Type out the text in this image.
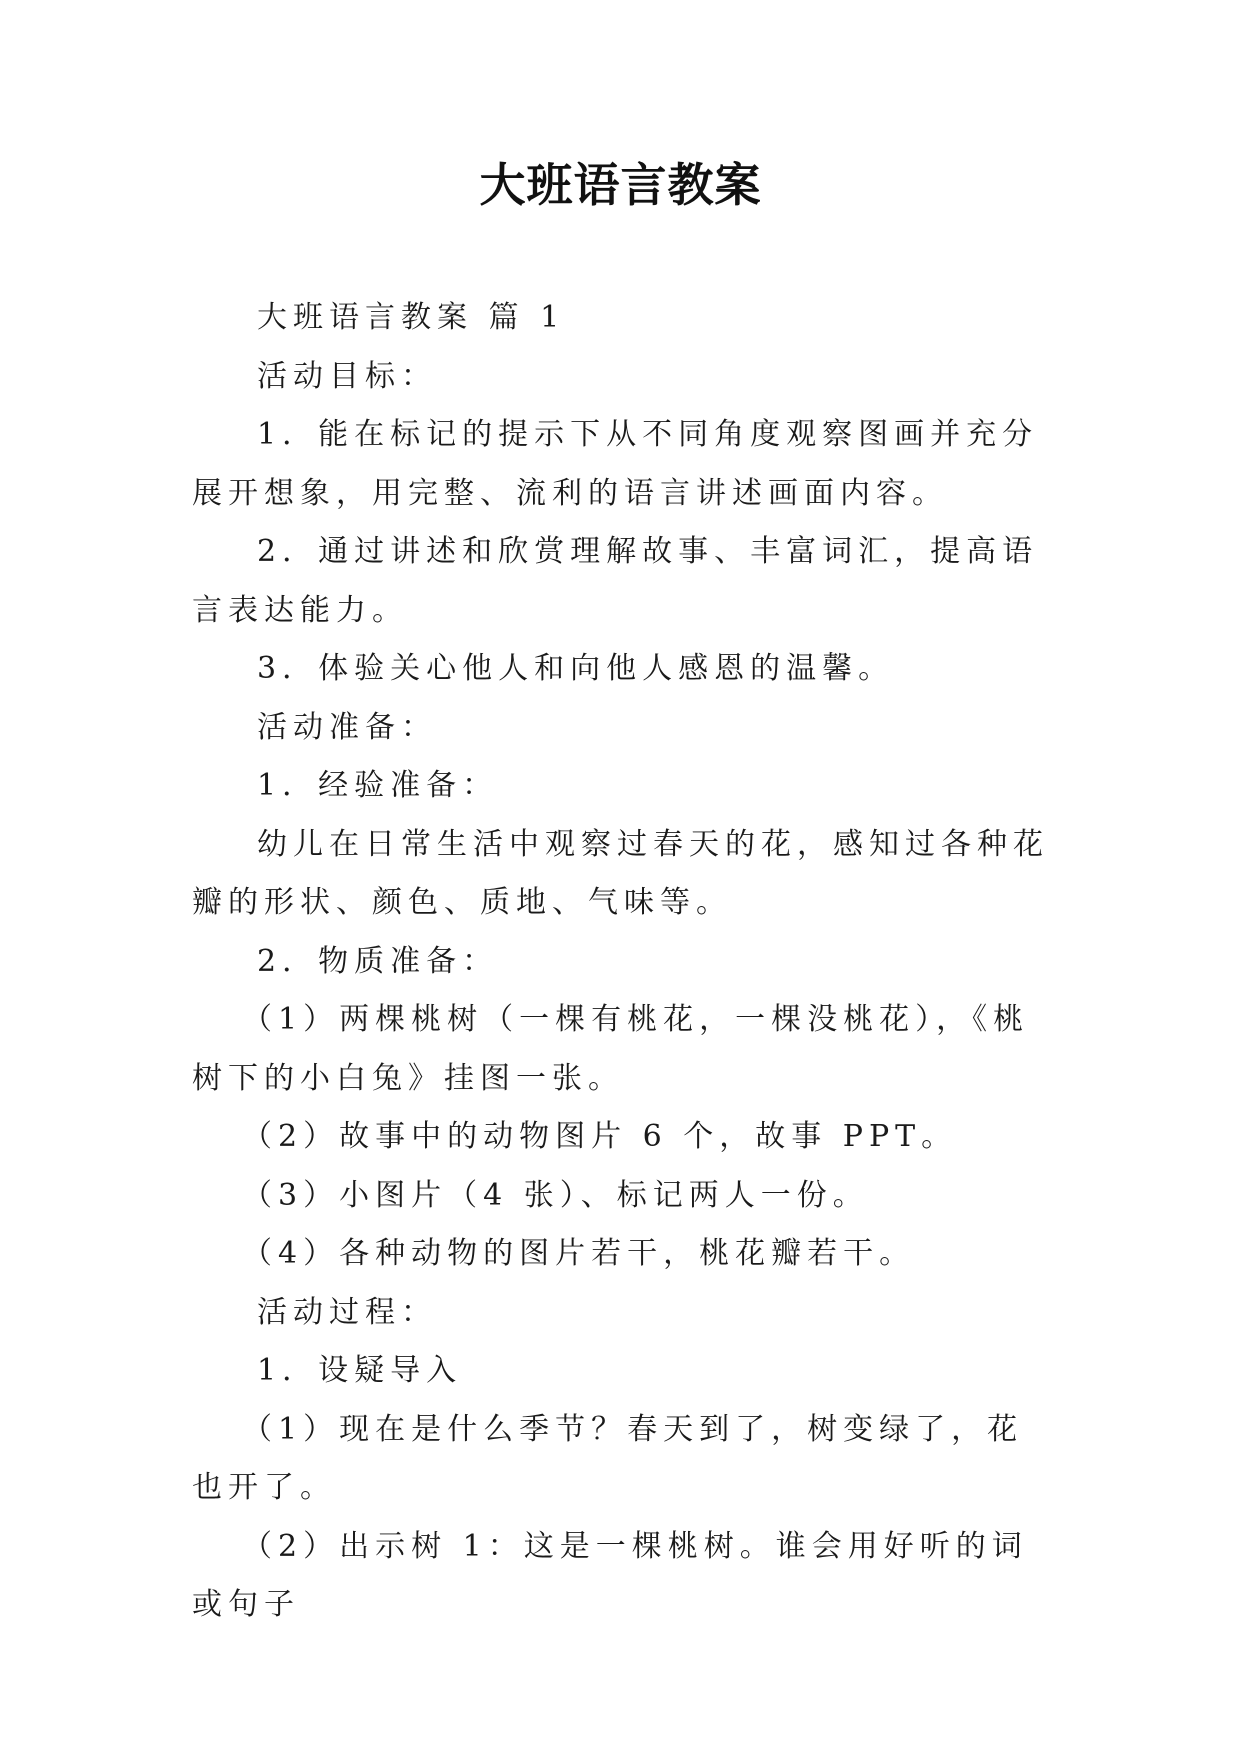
大班语言教案

大班语言教案 篇 1

活动目标：

1．能在标记的提示下从不同角度观察图画并充分展开想象，用完整、流利的语言讲述画面内容。

2．通过讲述和欣赏理解故事、丰富词汇，提高语言表达能力。

3．体验关心他人和向他人感恩的温馨。

活动准备：

1．经验准备：

幼儿在日常生活中观察过春天的花，感知过各种花瓣的形状、颜色、质地、气味等。

2．物质准备：

（1）两棵桃树（一棵有桃花，一棵没桃花），《桃树下的小白兔》挂图一张。

（2）故事中的动物图片 6 个，故事 PPT。

（3）小图片（4 张）、标记两人一份。

（4）各种动物的图片若干，桃花瓣若干。

活动过程：

1．设疑导入

（1）现在是什么季节？春天到了，树变绿了，花也开了。

（2）出示树 1：这是一棵桃树。谁会用好听的词或句子
